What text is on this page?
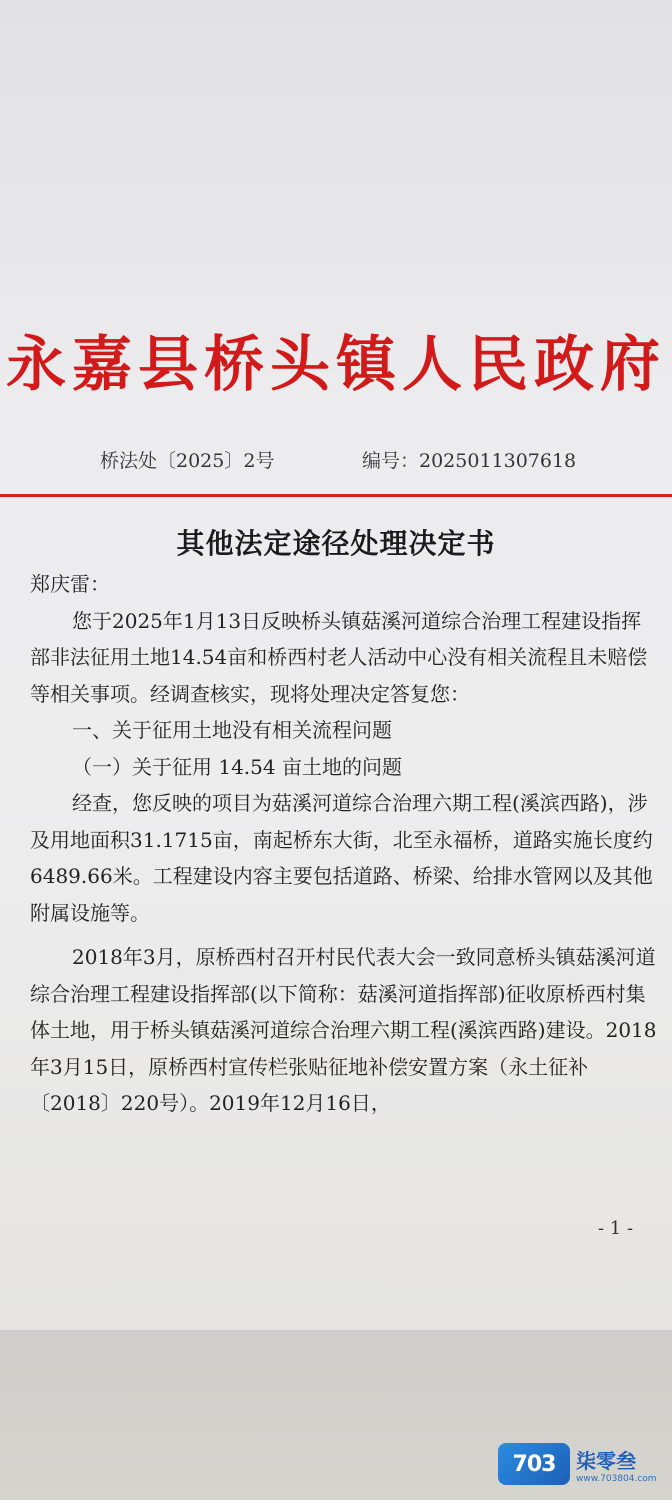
永嘉县桥头镇人民政府
桥法处〔2025〕2号	编号：2025011307618
其他法定途径处理决定书

郑庆雷：

您于2025年1月13日反映桥头镇菇溪河道综合治理工程建设指挥部非法征用土地14.54亩和桥西村老人活动中心没有相关流程且未赔偿等相关事项。经调查核实，现将处理决定答复您：

一、关于征用土地没有相关流程问题

（一）关于征用 14.54 亩土地的问题

经查，您反映的项目为菇溪河道综合治理六期工程(溪滨西路)，涉及用地面积31.1715亩，南起桥东大街，北至永福桥，道路实施长度约6489.66米。工程建设内容主要包括道路、桥梁、给排水管网以及其他附属设施等。

2018年3月，原桥西村召开村民代表大会一致同意桥头镇菇溪河道综合治理工程建设指挥部(以下简称：菇溪河道指挥部)征收原桥西村集体土地，用于桥头镇菇溪河道综合治理六期工程(溪滨西路)建设。2018年3月15日，原桥西村宣传栏张贴征地补偿安置方案（永土征补〔2018〕220号）。2019年12月16日，

- 1 -
703	柒零叁
www.703804.com
